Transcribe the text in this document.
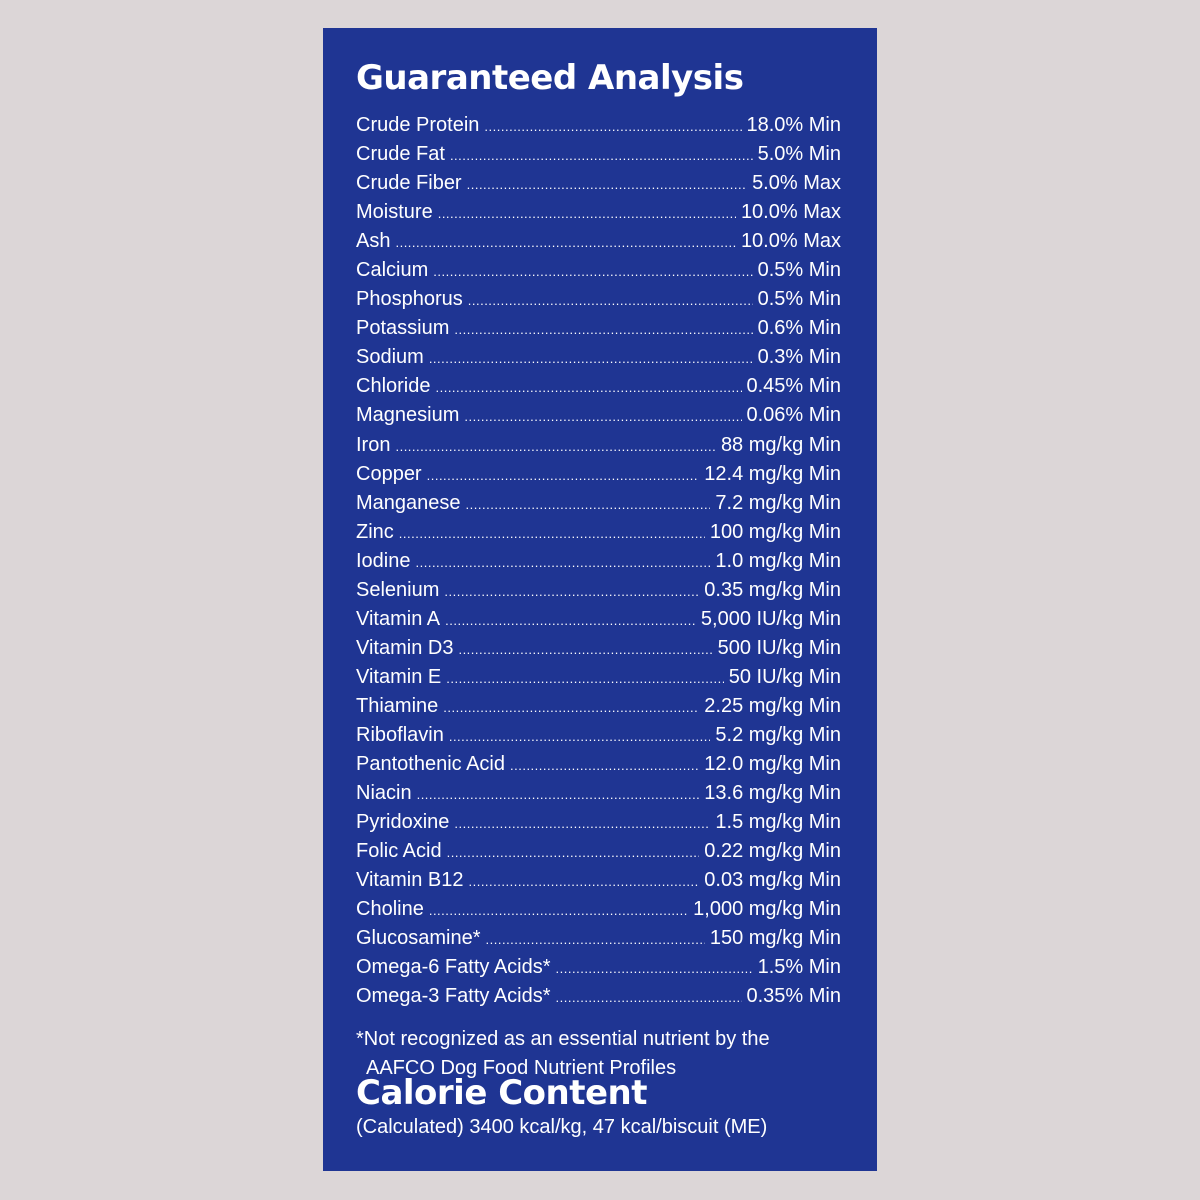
Guaranteed Analysis
Crude Protein .....	18.0% Min
Crude Fat .....	5.0% Min
Crude Fiber .....	5.0% Max
Moisture .....	10.0% Max
Ash .....	10.0% Max
Calcium .....	0.5% Min
Phosphorus .....	0.5% Min
Potassium .....	0.6% Min
Sodium .....	0.3% Min
Chloride .....	0.45% Min
Magnesium .....	0.06% Min
Iron .....	88 mg/kg Min
Copper .....	12.4 mg/kg Min
Manganese .....	7.2 mg/kg Min
Zinc .....	100 mg/kg Min
Iodine .....	1.0 mg/kg Min
Selenium .....	0.35 mg/kg Min
Vitamin A .....	5,000 IU/kg Min
Vitamin D3 .....	500 IU/kg Min
Vitamin E .....	50 IU/kg Min
Thiamine .....	2.25 mg/kg Min
Riboflavin .....	5.2 mg/kg Min
Pantothenic Acid .....	12.0 mg/kg Min
Niacin .....	13.6 mg/kg Min
Pyridoxine .....	1.5 mg/kg Min
Folic Acid .....	0.22 mg/kg Min
Vitamin B12 .....	0.03 mg/kg Min
Choline .....	1,000 mg/kg Min
Glucosamine* .....	150 mg/kg Min
Omega-6 Fatty Acids* .....	1.5% Min
Omega-3 Fatty Acids* .....	0.35% Min
*Not recognized as an essential nutrient by the
AAFCO Dog Food Nutrient Profiles
Calorie Content
(Calculated) 3400 kcal/kg, 47 kcal/biscuit (ME)
